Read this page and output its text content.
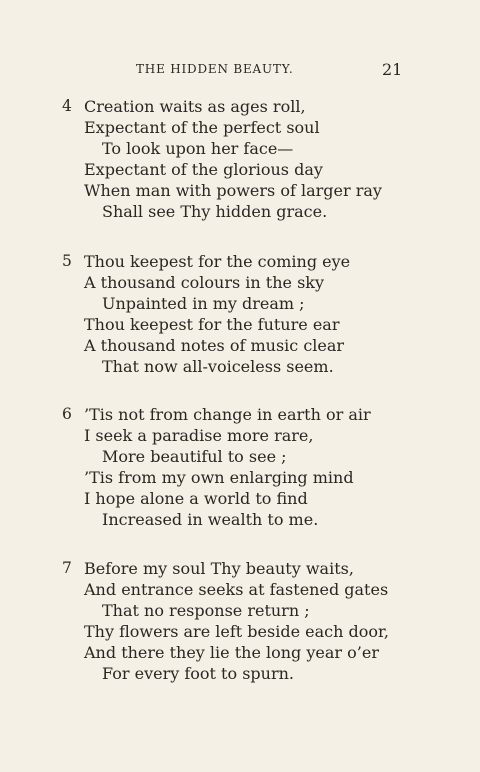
THE HIDDEN BEAUTY.	21
4 Creation waits as ages roll,
Expectant of the perfect soul
To look upon her face—
Expectant of the glorious day
When man with powers of larger ray
Shall see Thy hidden grace.
5 Thou keepest for the coming eye
A thousand colours in the sky
Unpainted in my dream ;
Thou keepest for the future ear
A thousand notes of music clear
That now all-voiceless seem.
6 ’Tis not from change in earth or air
I seek a paradise more rare,
More beautiful to see ;
’Tis from my own enlarging mind
I hope alone a world to find
Increased in wealth to me.
7 Before my soul Thy beauty waits,
And entrance seeks at fastened gates
That no response return ;
Thy flowers are left beside each door,
And there they lie the long year o’er
For every foot to spurn.
